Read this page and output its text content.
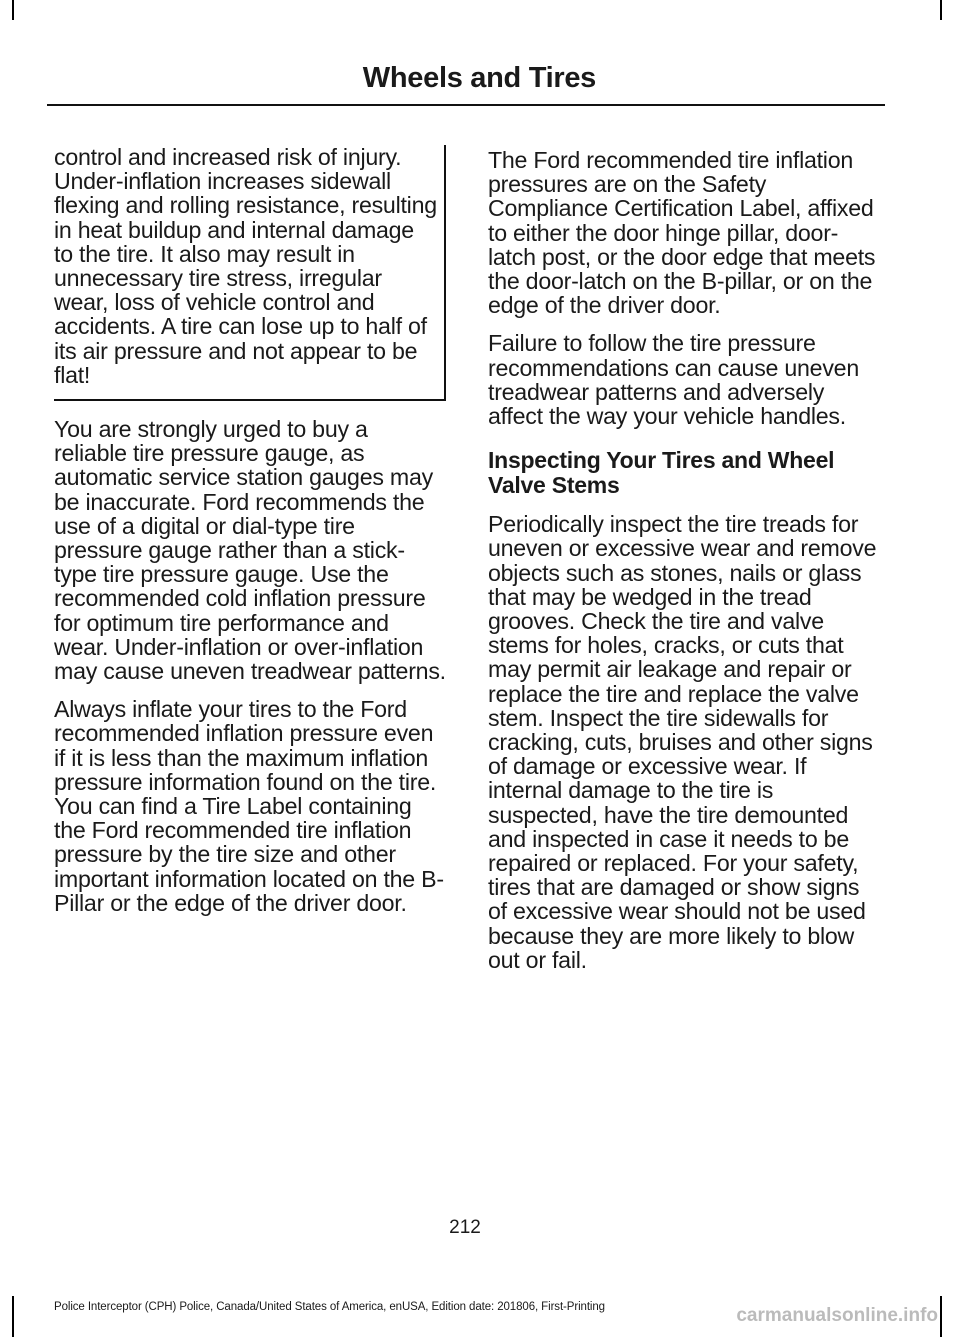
Wheels and Tires

control and increased risk of injury. Under-inflation increases sidewall flexing and rolling resistance, resulting in heat buildup and internal damage to the tire. It also may result in unnecessary tire stress, irregular wear, loss of vehicle control and accidents. A tire can lose up to half of its air pressure and not appear to be flat!

You are strongly urged to buy a reliable tire pressure gauge, as automatic service station gauges may be inaccurate. Ford recommends the use of a digital or dial-type tire pressure gauge rather than a stick-type tire pressure gauge. Use the recommended cold inflation pressure for optimum tire performance and wear. Under-inflation or over-inflation may cause uneven treadwear patterns.

Always inflate your tires to the Ford recommended inflation pressure even if it is less than the maximum inflation pressure information found on the tire. You can find a Tire Label containing the Ford recommended tire inflation pressure by the tire size and other important information located on the B-Pillar or the edge of the driver door.

The Ford recommended tire inflation pressures are on the Safety Compliance Certification Label, affixed to either the door hinge pillar, door-latch post, or the door edge that meets the door-latch on the B-pillar, or on the edge of the driver door.

Failure to follow the tire pressure recommendations can cause uneven treadwear patterns and adversely affect the way your vehicle handles.

Inspecting Your Tires and Wheel Valve Stems

Periodically inspect the tire treads for uneven or excessive wear and remove objects such as stones, nails or glass that may be wedged in the tread grooves. Check the tire and valve stems for holes, cracks, or cuts that may permit air leakage and repair or replace the tire and replace the valve stem. Inspect the tire sidewalls for cracking, cuts, bruises and other signs of damage or excessive wear. If internal damage to the tire is suspected, have the tire demounted and inspected in case it needs to be repaired or replaced. For your safety, tires that are damaged or show signs of excessive wear should not be used because they are more likely to blow out or fail.

212
Police Interceptor (CPH) Police, Canada/United States of America, enUSA, Edition date: 201806, First-Printing	carmanualsonline.info
